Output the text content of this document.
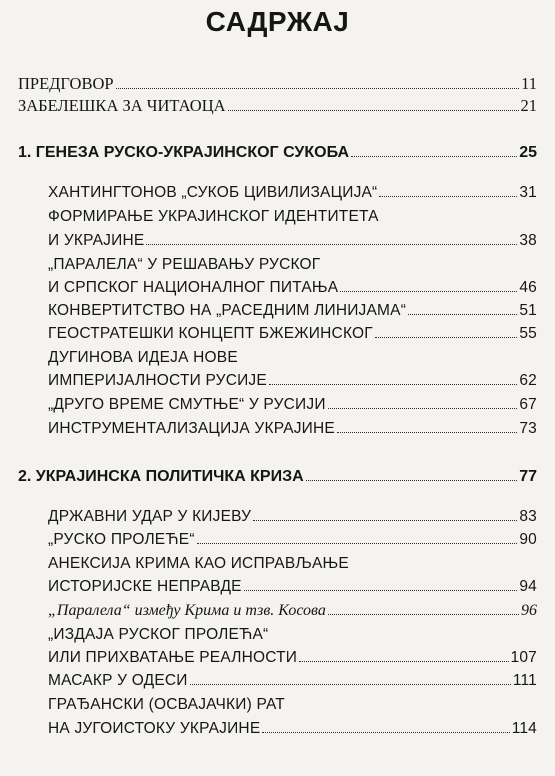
САДРЖАЈ
ПРЕДГОВОР	11
ЗАБЕЛЕШКА ЗА ЧИТАОЦА	21
1. ГЕНЕЗА РУСКО-УКРАЈИНСКОГ СУКОБА	25
ХАНТИНГТОНОВ „СУКОБ ЦИВИЛИЗАЦИЈА“	31
ФОРМИРАЊЕ УКРАЈИНСКОГ ИДЕНТИТЕТА
И УКРАЈИНЕ	38
„ПАРАЛЕЛА“ У РЕШАВАЊУ РУСКОГ
И СРПСКОГ НАЦИОНАЛНОГ ПИТАЊА	46
КОНВЕРТИТСТВО НА „РАСЕДНИМ ЛИНИЈАМА“	51
ГЕОСТРАТЕШКИ КОНЦЕПТ БЖЕЖИНСКОГ	55
ДУГИНОВА ИДЕЈА НОВЕ
ИМПЕРИЈАЛНОСТИ РУСИЈЕ	62
„ДРУГО ВРЕМЕ СМУТЊЕ“ У РУСИЈИ	67
ИНСТРУМЕНТАЛИЗАЦИЈА УКРАЈИНЕ	73
2. УКРАЈИНСКА ПОЛИТИЧКА КРИЗА	77
ДРЖАВНИ УДАР У КИЈЕВУ	83
„РУСКО ПРОЛЕЋЕ“	90
АНЕКСИЈА КРИМА КАО ИСПРАВЉАЊЕ
ИСТОРИЈСКЕ НЕПРАВДЕ	94
„Паралела“ између Крима и тзв. Косова	96
„ИЗДАЈА РУСКОГ ПРОЛЕЋА“
ИЛИ ПРИХВАТАЊЕ РЕАЛНОСТИ	107
МАСАКР У ОДЕСИ	111
ГРАЂАНСКИ (ОСВАЈАЧКИ) РАТ
НА ЈУГОИСТОКУ УКРАЈИНЕ	114
